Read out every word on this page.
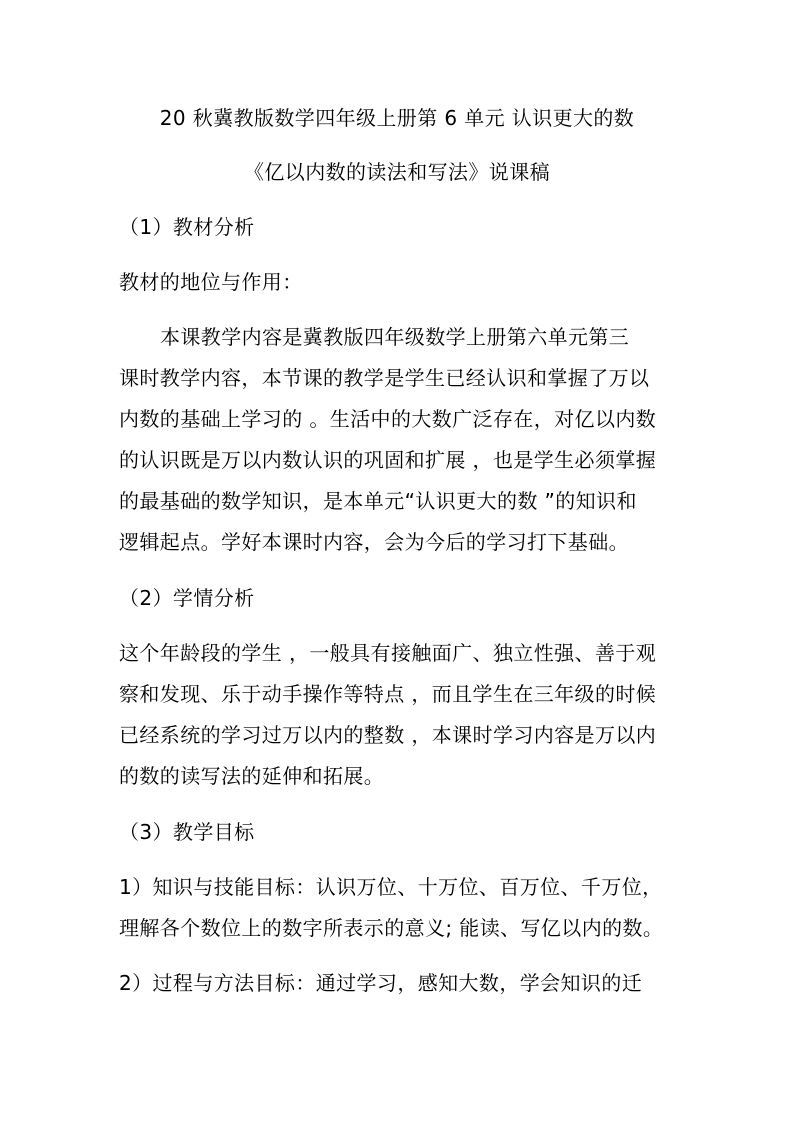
20 秋冀教版数学四年级上册第 6 单元 认识更大的数

《亿以内数的读法和写法》说课稿

（1）教材分析

教材的地位与作用：

本课教学内容是冀教版四年级数学上册第六单元第三

课时教学内容，本节课的教学是学生已经认识和掌握了万以

内数的基础上学习的 。生活中的大数广泛存在，对亿以内数

的认识既是万以内数认识的巩固和扩展 ，也是学生必须掌握

的最基础的数学知识，是本单元“认识更大的数 ”的知识和

逻辑起点。学好本课时内容，会为今后的学习打下基础。

（2）学情分析

这个年龄段的学生 ，一般具有接触面广、独立性强、善于观

察和发现、乐于动手操作等特点 ，而且学生在三年级的时候

已经系统的学习过万以内的整数 ，本课时学习内容是万以内

的数的读写法的延伸和拓展。

（3）教学目标

1）知识与技能目标：认识万位、十万位、百万位、千万位，

理解各个数位上的数字所表示的意义; 能读、写亿以内的数。

2）过程与方法目标：通过学习，感知大数，学会知识的迁
